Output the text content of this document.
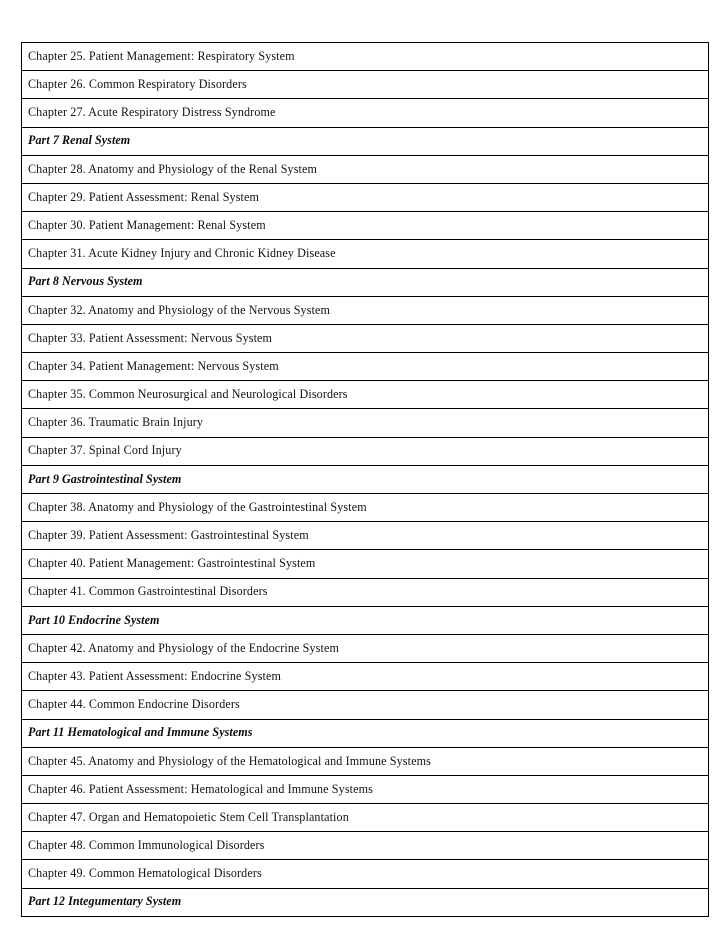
Chapter 25. Patient Management: Respiratory System

Chapter 26. Common Respiratory Disorders

Chapter 27. Acute Respiratory Distress Syndrome

Part 7 Renal System

Chapter 28. Anatomy and Physiology of the Renal System

Chapter 29. Patient Assessment: Renal System

Chapter 30. Patient Management: Renal System

Chapter 31. Acute Kidney Injury and Chronic Kidney Disease

Part 8 Nervous System

Chapter 32. Anatomy and Physiology of the Nervous System

Chapter 33. Patient Assessment: Nervous System

Chapter 34. Patient Management: Nervous System

Chapter 35. Common Neurosurgical and Neurological Disorders

Chapter 36. Traumatic Brain Injury

Chapter 37. Spinal Cord Injury

Part 9 Gastrointestinal System

Chapter 38. Anatomy and Physiology of the Gastrointestinal System

Chapter 39. Patient Assessment: Gastrointestinal System

Chapter 40. Patient Management: Gastrointestinal System

Chapter 41. Common Gastrointestinal Disorders

Part 10 Endocrine System

Chapter 42. Anatomy and Physiology of the Endocrine System

Chapter 43. Patient Assessment: Endocrine System

Chapter 44. Common Endocrine Disorders

Part 11 Hematological and Immune Systems

Chapter 45. Anatomy and Physiology of the Hematological and Immune Systems

Chapter 46. Patient Assessment: Hematological and Immune Systems

Chapter 47. Organ and Hematopoietic Stem Cell Transplantation

Chapter 48. Common Immunological Disorders

Chapter 49. Common Hematological Disorders

Part 12 Integumentary System
